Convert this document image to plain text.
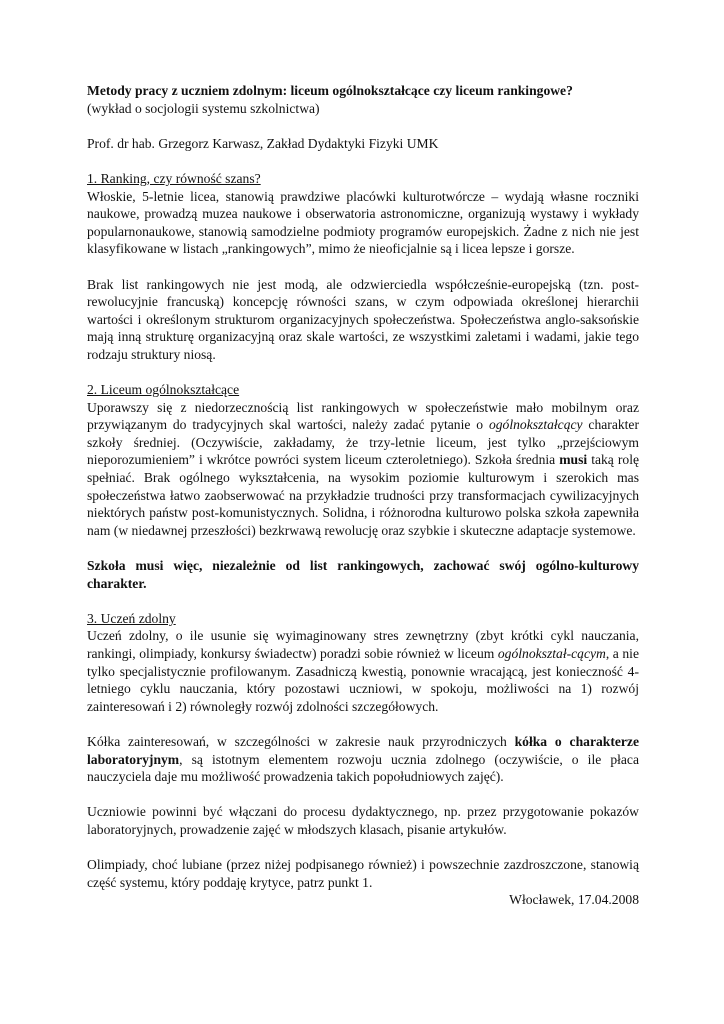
Metody pracy z uczniem zdolnym: liceum ogólnokształcące czy liceum rankingowe?

(wykład o socjologii systemu szkolnictwa)

Prof. dr hab. Grzegorz Karwasz, Zakład Dydaktyki Fizyki UMK

1. Ranking, czy równość szans?

Włoskie, 5-letnie licea, stanowią prawdziwe placówki kulturotwórcze – wydają własne roczniki naukowe, prowadzą muzea naukowe i obserwatoria astronomiczne, organizują wystawy i wykłady popularnonaukowe, stanowią samodzielne podmioty programów europejskich. Żadne z nich nie jest klasyfikowane w listach „rankingowych”, mimo że nieoficjalnie są i licea lepsze i gorsze.

Brak list rankingowych nie jest modą, ale odzwierciedla współcześnie-europejską (tzn. post-rewolucyjnie francuską) koncepcję równości szans, w czym odpowiada określonej hierarchii wartości i określonym strukturom organizacyjnych społeczeństwa. Społeczeństwa anglo-saksońskie mają inną strukturę organizacyjną oraz skale wartości, ze wszystkimi zaletami i wadami, jakie tego rodzaju struktury niosą.

2. Liceum ogólnokształcące

Uporawszy się z niedorzecznością list rankingowych w społeczeństwie mało mobilnym oraz przywiązanym do tradycyjnych skal wartości, należy zadać pytanie o ogólnokształcący charakter szkoły średniej. (Oczywiście, zakładamy, że trzy-letnie liceum, jest tylko „przejściowym nieporozumieniem” i wkrótce powróci system liceum czteroletniego). Szkoła średnia musi taką rolę spełniać. Brak ogólnego wykształcenia, na wysokim poziomie kulturowym i szerokich mas społeczeństwa łatwo zaobserwować na przykładzie trudności przy transformacjach cywilizacyjnych niektórych państw post-komunistycznych. Solidna, i różnorodna kulturowo polska szkoła zapewniła nam (w niedawnej przeszłości) bezkrwawą rewolucję oraz szybkie i skuteczne adaptacje systemowe.

Szkoła musi więc, niezależnie od list rankingowych, zachować swój ogólno-kulturowy charakter.

3. Uczeń zdolny

Uczeń zdolny, o ile usunie się wyimaginowany stres zewnętrzny (zbyt krótki cykl nauczania, rankingi, olimpiady, konkursy świadectw) poradzi sobie również w liceum ogólnokształ-cącym, a nie tylko specjalistycznie profilowanym. Zasadniczą kwestią, ponownie wracającą, jest konieczność 4-letniego cyklu nauczania, który pozostawi uczniowi, w spokoju, możliwości na 1) rozwój zainteresowań i 2) równoległy rozwój zdolności szczegółowych.

Kółka zainteresowań, w szczególności w zakresie nauk przyrodniczych kółka o charakterze laboratoryjnym, są istotnym elementem rozwoju ucznia zdolnego (oczywiście, o ile płaca nauczyciela daje mu możliwość prowadzenia takich popołudniowych zajęć).

Uczniowie powinni być włączani do procesu dydaktycznego, np. przez przygotowanie pokazów laboratoryjnych, prowadzenie zajęć w młodszych klasach, pisanie artykułów.

Olimpiady, choć lubiane (przez niżej podpisanego również) i powszechnie zazdroszczone, stanowią część systemu, który poddaję krytyce, patrz punkt 1.

Włocławek, 17.04.2008
